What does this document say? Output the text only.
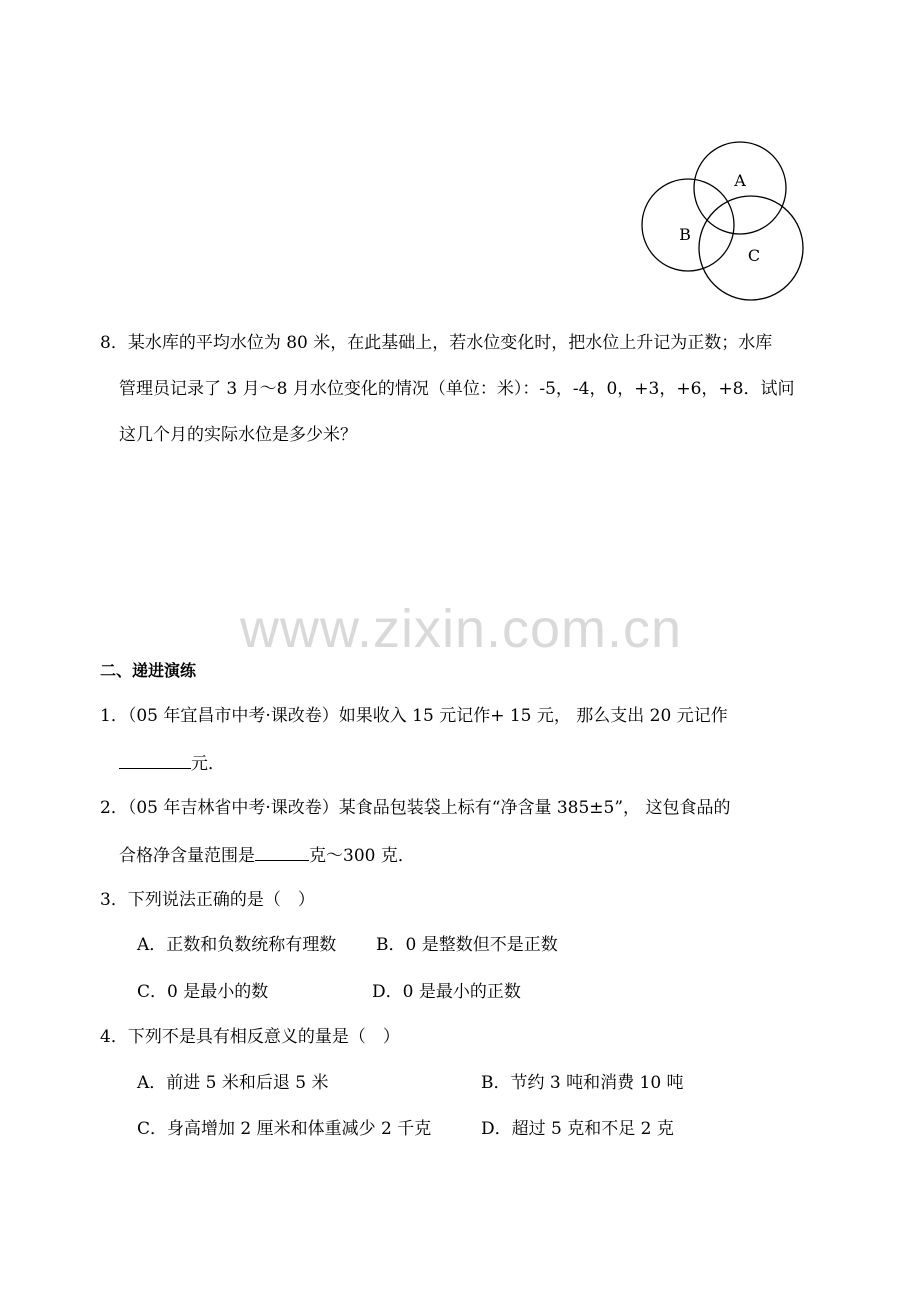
A
B
C
8．某水库的平均水位为 80 米，在此基础上，若水位变化时，把水位上升记为正数；水库
管理员记录了 3 月～8 月水位变化的情况（单位：米）：-5，-4，0，+3，+6，+8．试问
这几个月的实际水位是多少米？
www.zixin.com.cn
二、递进演练
1．（05 年宜昌市中考·课改卷）如果收入 15 元记作+ 15 元， 那么支出 20 元记作
元．
2．（05 年吉林省中考·课改卷）某食品包装袋上标有“净含量 385±5”， 这包食品的
合格净含量范围是	克～300 克．
3．下列说法正确的是（　）
A．正数和负数统称有理数 B．0 是整数但不是正数
C．0 是最小的数	D．0 是最小的正数
4．下列不是具有相反意义的量是（　）
A．前进 5 米和后退 5 米	B．节约 3 吨和消费 10 吨
C．身高增加 2 厘米和体重减少 2 千克	D．超过 5 克和不足 2 克
